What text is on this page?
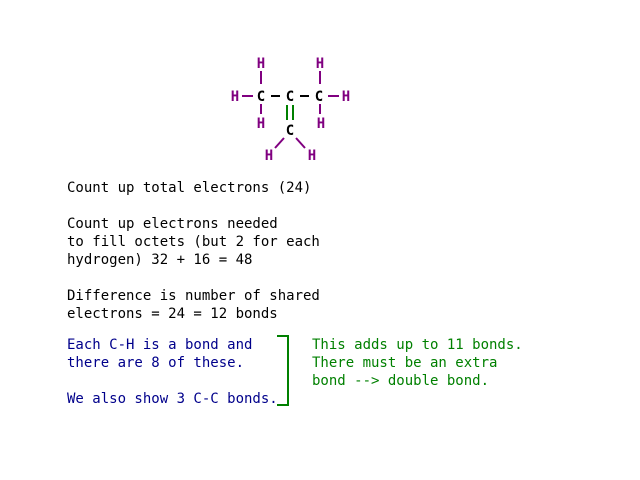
H	H
H C C C H
H	H
C
H H
Count up total electrons (24)
Count up electrons needed
to fill octets (but 2 for each
hydrogen) 32 + 16 = 48
Difference is number of shared
electrons = 24 = 12 bonds
Each C-H is a bond and
there are 8 of these.
We also show 3 C-C bonds.
This adds up to 11 bonds.
There must be an extra
bond --> double bond.
